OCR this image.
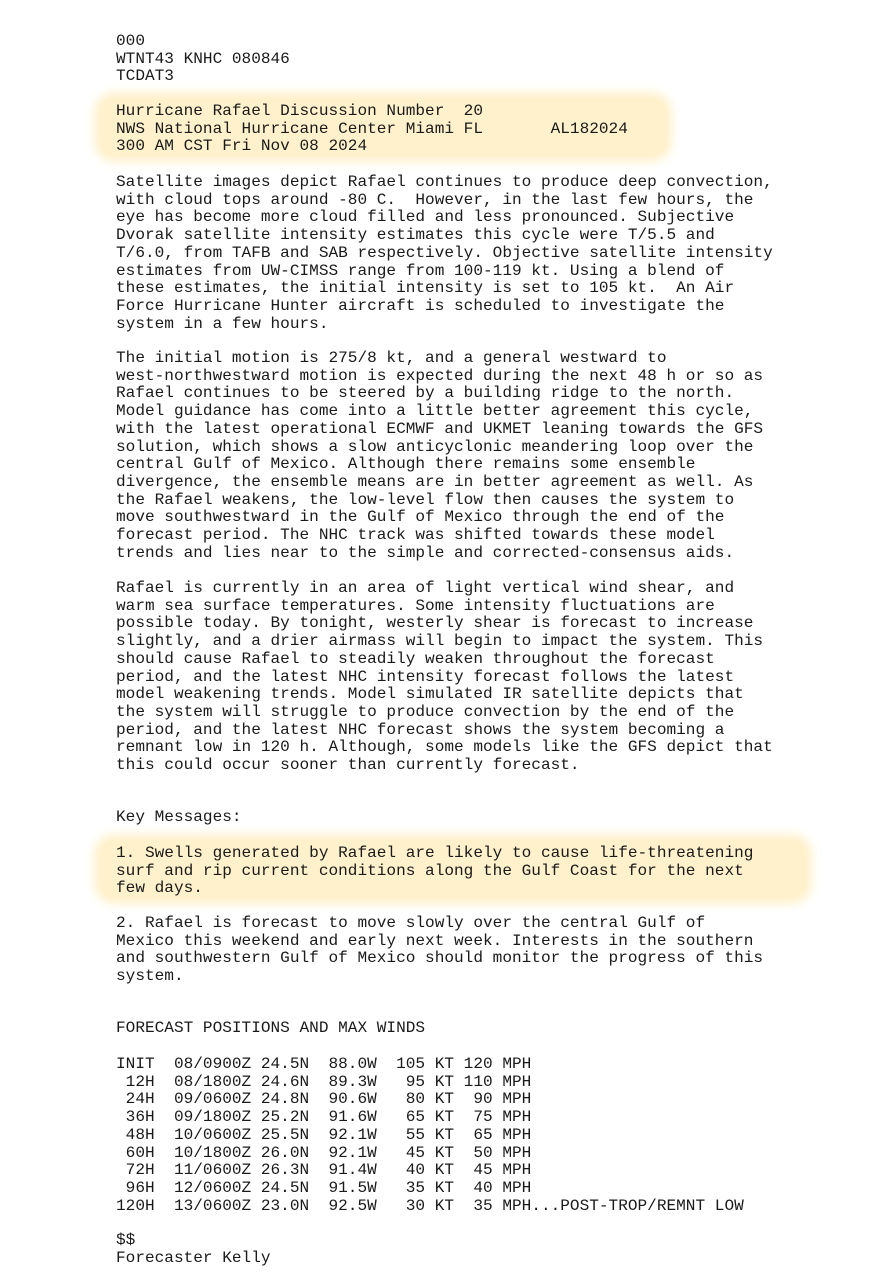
000
WTNT43 KNHC 080846
TCDAT3
Hurricane Rafael Discussion Number  20
NWS National Hurricane Center Miami FL       AL182024
300 AM CST Fri Nov 08 2024
Satellite images depict Rafael continues to produce deep convection,
with cloud tops around -80 C.  However, in the last few hours, the
eye has become more cloud filled and less pronounced. Subjective
Dvorak satellite intensity estimates this cycle were T/5.5 and
T/6.0, from TAFB and SAB respectively. Objective satellite intensity
estimates from UW-CIMSS range from 100-119 kt. Using a blend of
these estimates, the initial intensity is set to 105 kt.  An Air
Force Hurricane Hunter aircraft is scheduled to investigate the
system in a few hours.
The initial motion is 275/8 kt, and a general westward to
west-northwestward motion is expected during the next 48 h or so as
Rafael continues to be steered by a building ridge to the north.
Model guidance has come into a little better agreement this cycle,
with the latest operational ECMWF and UKMET leaning towards the GFS
solution, which shows a slow anticyclonic meandering loop over the
central Gulf of Mexico. Although there remains some ensemble
divergence, the ensemble means are in better agreement as well. As
the Rafael weakens, the low-level flow then causes the system to
move southwestward in the Gulf of Mexico through the end of the
forecast period. The NHC track was shifted towards these model
trends and lies near to the simple and corrected-consensus aids.
Rafael is currently in an area of light vertical wind shear, and
warm sea surface temperatures. Some intensity fluctuations are
possible today. By tonight, westerly shear is forecast to increase
slightly, and a drier airmass will begin to impact the system. This
should cause Rafael to steadily weaken throughout the forecast
period, and the latest NHC intensity forecast follows the latest
model weakening trends. Model simulated IR satellite depicts that
the system will struggle to produce convection by the end of the
period, and the latest NHC forecast shows the system becoming a
remnant low in 120 h. Although, some models like the GFS depict that
this could occur sooner than currently forecast.
Key Messages:
1. Swells generated by Rafael are likely to cause life-threatening
surf and rip current conditions along the Gulf Coast for the next
few days.
2. Rafael is forecast to move slowly over the central Gulf of
Mexico this weekend and early next week. Interests in the southern
and southwestern Gulf of Mexico should monitor the progress of this
system.
FORECAST POSITIONS AND MAX WINDS
INIT  08/0900Z 24.5N  88.0W  105 KT 120 MPH
12H  08/1800Z 24.6N  89.3W   95 KT 110 MPH
24H  09/0600Z 24.8N  90.6W   80 KT  90 MPH
36H  09/1800Z 25.2N  91.6W   65 KT  75 MPH
48H  10/0600Z 25.5N  92.1W   55 KT  65 MPH
60H  10/1800Z 26.0N  92.1W   45 KT  50 MPH
72H  11/0600Z 26.3N  91.4W   40 KT  45 MPH
96H  12/0600Z 24.5N  91.5W   35 KT  40 MPH
120H  13/0600Z 23.0N  92.5W   30 KT  35 MPH...POST-TROP/REMNT LOW
$$
Forecaster Kelly
